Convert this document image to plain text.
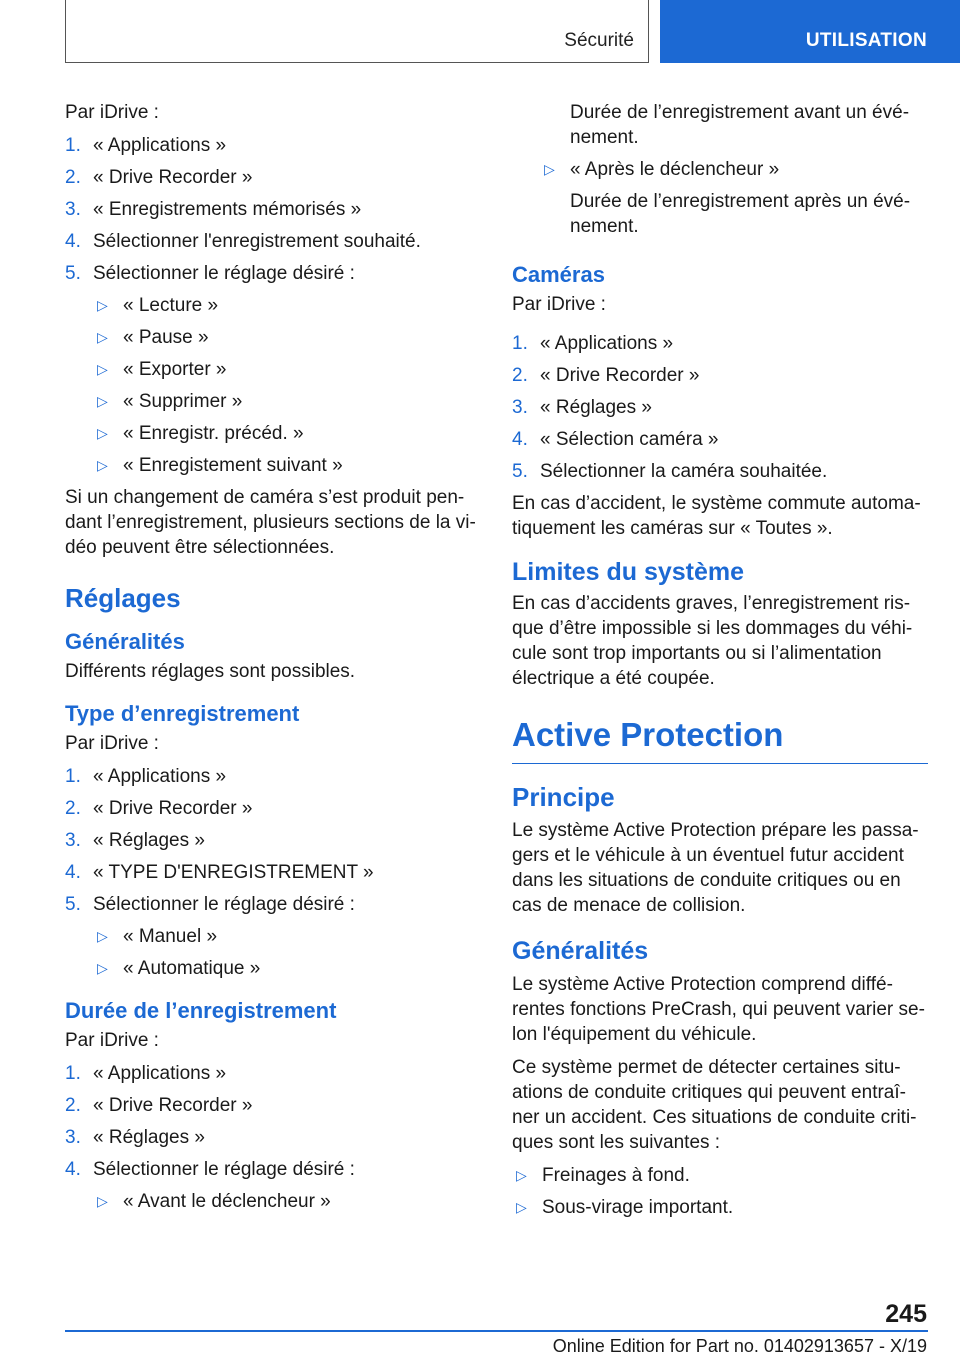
Sécurité	UTILISATION

Par iDrive :

1. « Applications »
2. « Drive Recorder »
3. « Enregistrements mémorisés »
4. Sélectionner l'enregistrement souhaité.
5. Sélectionner le réglage désiré :
▷ « Lecture »
▷ « Pause »
▷ « Exporter »
▷ « Supprimer »
▷ « Enregistr. précéd. »
▷ « Enregistement suivant »

Si un changement de caméra s’est produit pen-dant l’enregistrement, plusieurs sections de la vi-déo peuvent être sélectionnées.

Réglages
Généralités

Différents réglages sont possibles.

Type d’enregistrement

Par iDrive :

1. « Applications »
2. « Drive Recorder »
3. « Réglages »
4. « TYPE D'ENREGISTREMENT »
5. Sélectionner le réglage désiré :
▷ « Manuel »
▷ « Automatique »
Durée de l’enregistrement

Par iDrive :

1. « Applications »
2. « Drive Recorder »
3. « Réglages »
4. Sélectionner le réglage désiré :
▷ « Avant le déclencheur »

Durée de l’enregistrement avant un évé-nement.

▷ « Après le déclencheur »

Durée de l’enregistrement après un évé-nement.

Caméras

Par iDrive :

1. « Applications »
2. « Drive Recorder »
3. « Réglages »
4. « Sélection caméra »
5. Sélectionner la caméra souhaitée.

En cas d’accident, le système commute automa-tiquement les caméras sur « Toutes ».

Limites du système

En cas d’accidents graves, l’enregistrement ris-que d’être impossible si les dommages du véhi-cule sont trop importants ou si l’alimentation électrique a été coupée.

Active Protection
Principe

Le système Active Protection prépare les passa-gers et le véhicule à un éventuel futur accident dans les situations de conduite critiques ou en cas de menace de collision.

Généralités

Le système Active Protection comprend diffé-rentes fonctions PreCrash, qui peuvent varier se-lon l'équipement du véhicule.

Ce système permet de détecter certaines situ-ations de conduite critiques qui peuvent entraî-ner un accident. Ces situations de conduite criti-ques sont les suivantes :

▷ Freinages à fond.
▷ Sous-virage important.
245
Online Edition for Part no. 01402913657 - X/19
